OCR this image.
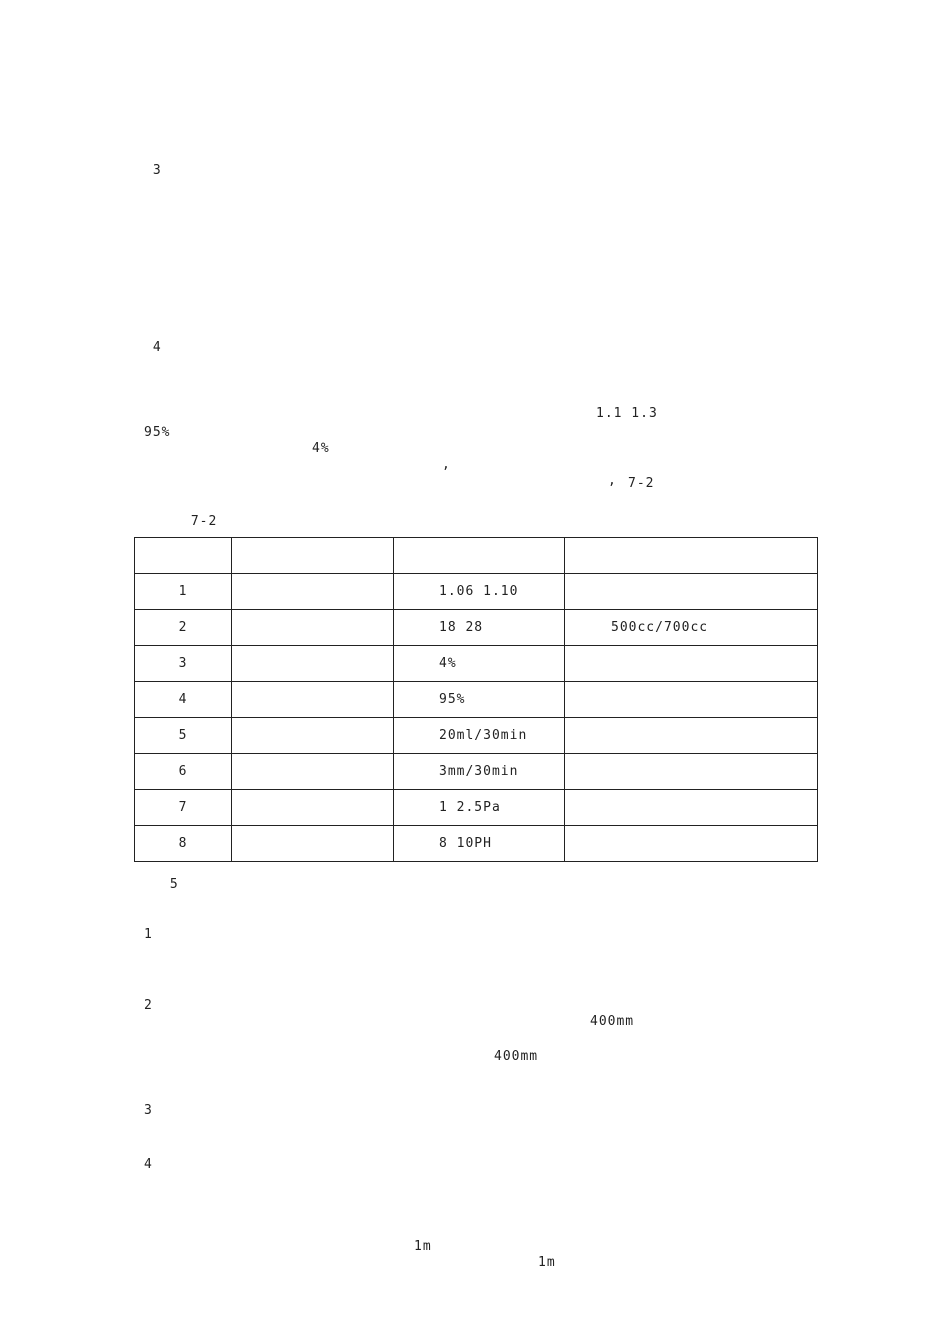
3

4

1.1 1.3

95%

4%

,

,

7-2

7-2

1		1.06 1.10	
2		18 28	500cc/700cc
3		4%	
4		95%	
5		20ml/30min	
6		3mm/30min	
7		1 2.5Pa	
8		8 10PH	
5

1

2

400mm

400mm

3

4

1m

1m
